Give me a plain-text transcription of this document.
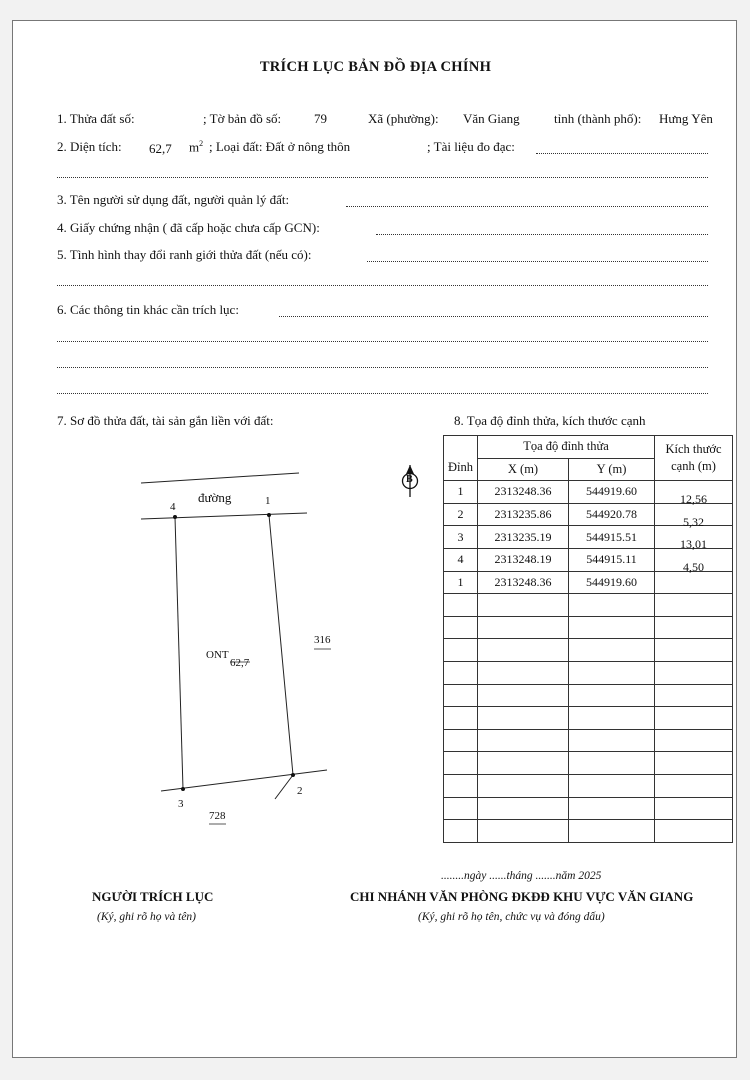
TRÍCH LỤC BẢN ĐỒ ĐỊA CHÍNH
1. Thửa đất số:	; Tờ bản đồ số:	79	Xã (phường): Văn Giang	tỉnh (thành phố): Hưng Yên
2. Diện tích: 62,7 $m^2$ ; Loại đất: Đất ở nông thôn	; Tài liệu đo đạc:
3. Tên người sử dụng đất, người quản lý đất:
4. Giấy chứng nhận ( đã cấp hoặc chưa cấp GCN):
5. Tình hình thay đổi ranh giới thửa đất (nếu có):
6. Các thông tin khác cần trích lục:
7. Sơ đồ thửa đất, tài sản gắn liền với đất:	8. Tọa độ đỉnh thửa, kích thước cạnh
B
đường	1
4
3
2
ONT
62,7
316
728
Đỉnh	Tọa độ đỉnh thửa		Kích thước
cạnh (m)
	X (m)	Y (m)	
1	2313248.36	544919.60	12,56

2	2313235.86	544920.78	5,32

3	2313235.19	544915.51	13,01

4	2313248.19	544915.11	4,50

1	2313248.36	544919.60	

........ngày ......tháng .......năm 2025
NGƯỜI TRÍCH LỤC
(Ký, ghi rõ họ và tên)
CHI NHÁNH VĂN PHÒNG ĐKĐĐ KHU VỰC VĂN GIANG
(Ký, ghi rõ họ tên, chức vụ và đóng dấu)
